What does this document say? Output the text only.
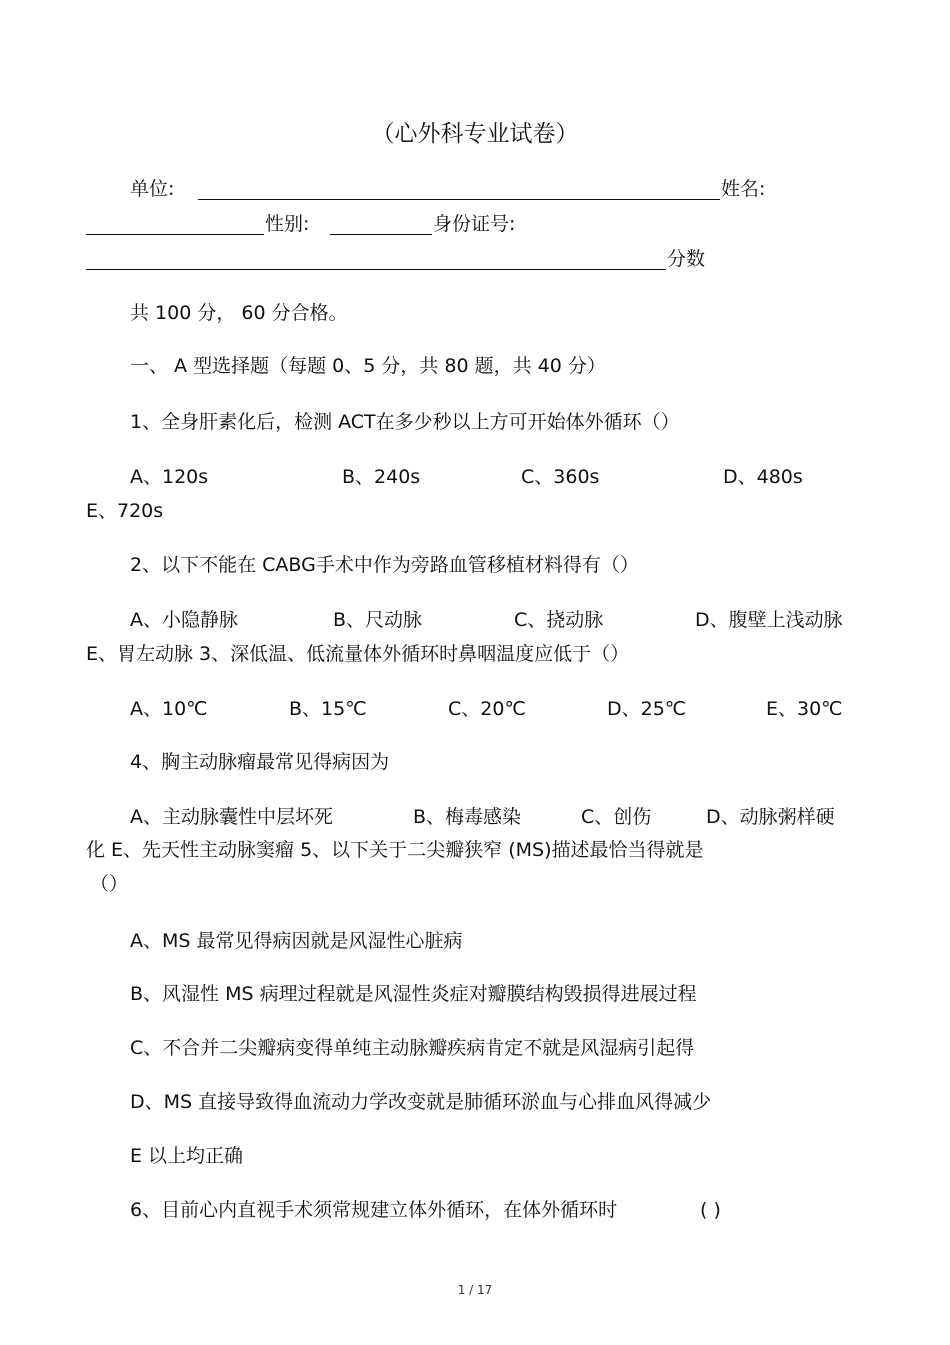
（心外科专业试卷）
单位:	姓名:
性别:	身份证号:
分数
共 100 分， 60 分合格。
一、 A 型选择题（每题 0、5 分，共 80 题，共 40 分）
1、全身肝素化后，检测 ACT在多少秒以上方可开始体外循环（）
A、120s	B、240s	C、360s	D、480s
E、720s
2、以下不能在 CABG手术中作为旁路血管移植材料得有（）
A、小隐静脉	B、尺动脉	C、挠动脉	D、腹壁上浅动脉
E、胃左动脉 3、深低温、低流量体外循环时鼻咽温度应低于（）
A、10℃	B、15℃	C、20℃	D、25℃	E、30℃
4、胸主动脉瘤最常见得病因为
A、主动脉囊性中层坏死	B、梅毒感染	C、创伤	D、动脉粥样硬
化 E、先天性主动脉窦瘤 5、以下关于二尖瓣狭窄 (MS)描述最恰当得就是
（）
A、MS 最常见得病因就是风湿性心脏病
B、风湿性 MS 病理过程就是风湿性炎症对瓣膜结构毁损得进展过程
C、不合并二尖瓣病变得单纯主动脉瓣疾病肯定不就是风湿病引起得
D、MS 直接导致得血流动力学改变就是肺循环淤血与心排血风得减少
E 以上均正确
6、目前心内直视手术须常规建立体外循环，在体外循环时	( )
1 / 17
